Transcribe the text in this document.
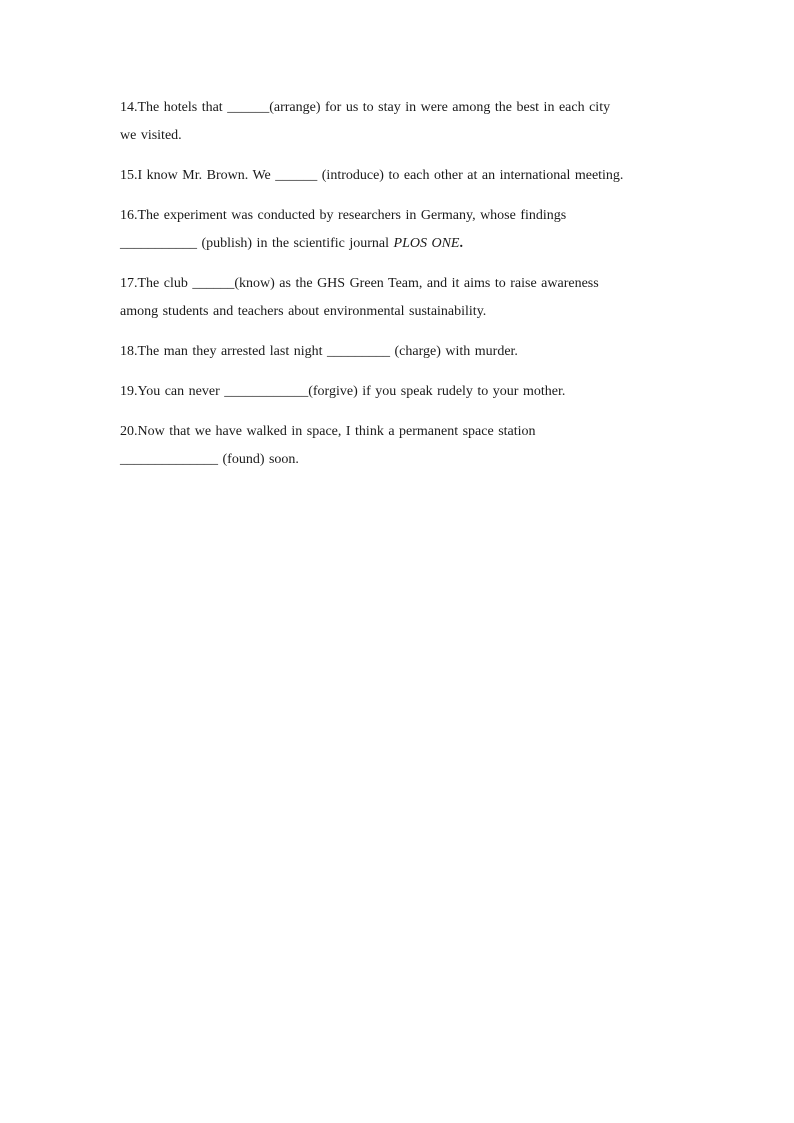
14.The hotels that ______(arrange) for us to stay in were among the best in each city
we visited.

15.I know Mr. Brown. We ______ (introduce) to each other at an international meeting.

16.The experiment was conducted by researchers in Germany, whose findings
___________ (publish) in the scientific journal PLOS ONE.

17.The club ______(know) as the GHS Green Team, and it aims to raise awareness
among students and teachers about environmental sustainability.

18.The man they arrested last night _________ (charge) with murder.

19.You can never ____________(forgive) if you speak rudely to your mother.

20.Now that we have walked in space, I think a permanent space station
______________ (found) soon.
